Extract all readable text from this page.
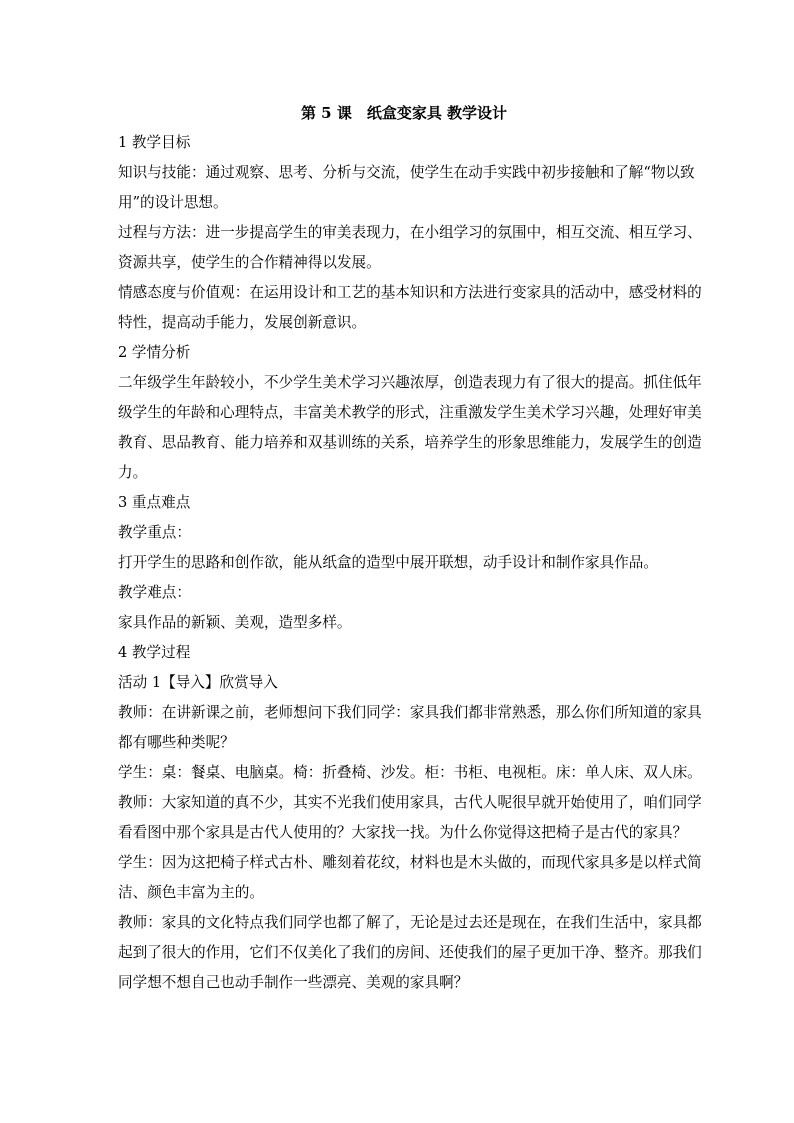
第 5 课　纸盒变家具 教学设计

1 教学目标

知识与技能：通过观察、思考、分析与交流，使学生在动手实践中初步接触和了解“物以致

用”的设计思想。

过程与方法：进一步提高学生的审美表现力，在小组学习的氛围中，相互交流、相互学习、

资源共享，使学生的合作精神得以发展。

情感态度与价值观：在运用设计和工艺的基本知识和方法进行变家具的活动中，感受材料的

特性，提高动手能力，发展创新意识。

2 学情分析

二年级学生年龄较小，不少学生美术学习兴趣浓厚，创造表现力有了很大的提高。抓住低年

级学生的年龄和心理特点，丰富美术教学的形式，注重激发学生美术学习兴趣，处理好审美

教育、思品教育、能力培养和双基训练的关系，培养学生的形象思维能力，发展学生的创造

力。

3 重点难点

教学重点：

打开学生的思路和创作欲，能从纸盒的造型中展开联想，动手设计和制作家具作品。

教学难点：

家具作品的新颖、美观，造型多样。

4 教学过程

活动 1【导入】欣赏导入

教师：在讲新课之前，老师想问下我们同学：家具我们都非常熟悉，那么你们所知道的家具

都有哪些种类呢？

学生：桌：餐桌、电脑桌。椅：折叠椅、沙发。柜：书柜、电视柜。床：单人床、双人床。

教师：大家知道的真不少，其实不光我们使用家具，古代人呢很早就开始使用了，咱们同学

看看图中那个家具是古代人使用的？大家找一找。为什么你觉得这把椅子是古代的家具？

学生：因为这把椅子样式古朴、雕刻着花纹，材料也是木头做的，而现代家具多是以样式简

洁、颜色丰富为主的。

教师：家具的文化特点我们同学也都了解了，无论是过去还是现在，在我们生活中，家具都

起到了很大的作用，它们不仅美化了我们的房间、还使我们的屋子更加干净、整齐。那我们

同学想不想自己也动手制作一些漂亮、美观的家具啊？
